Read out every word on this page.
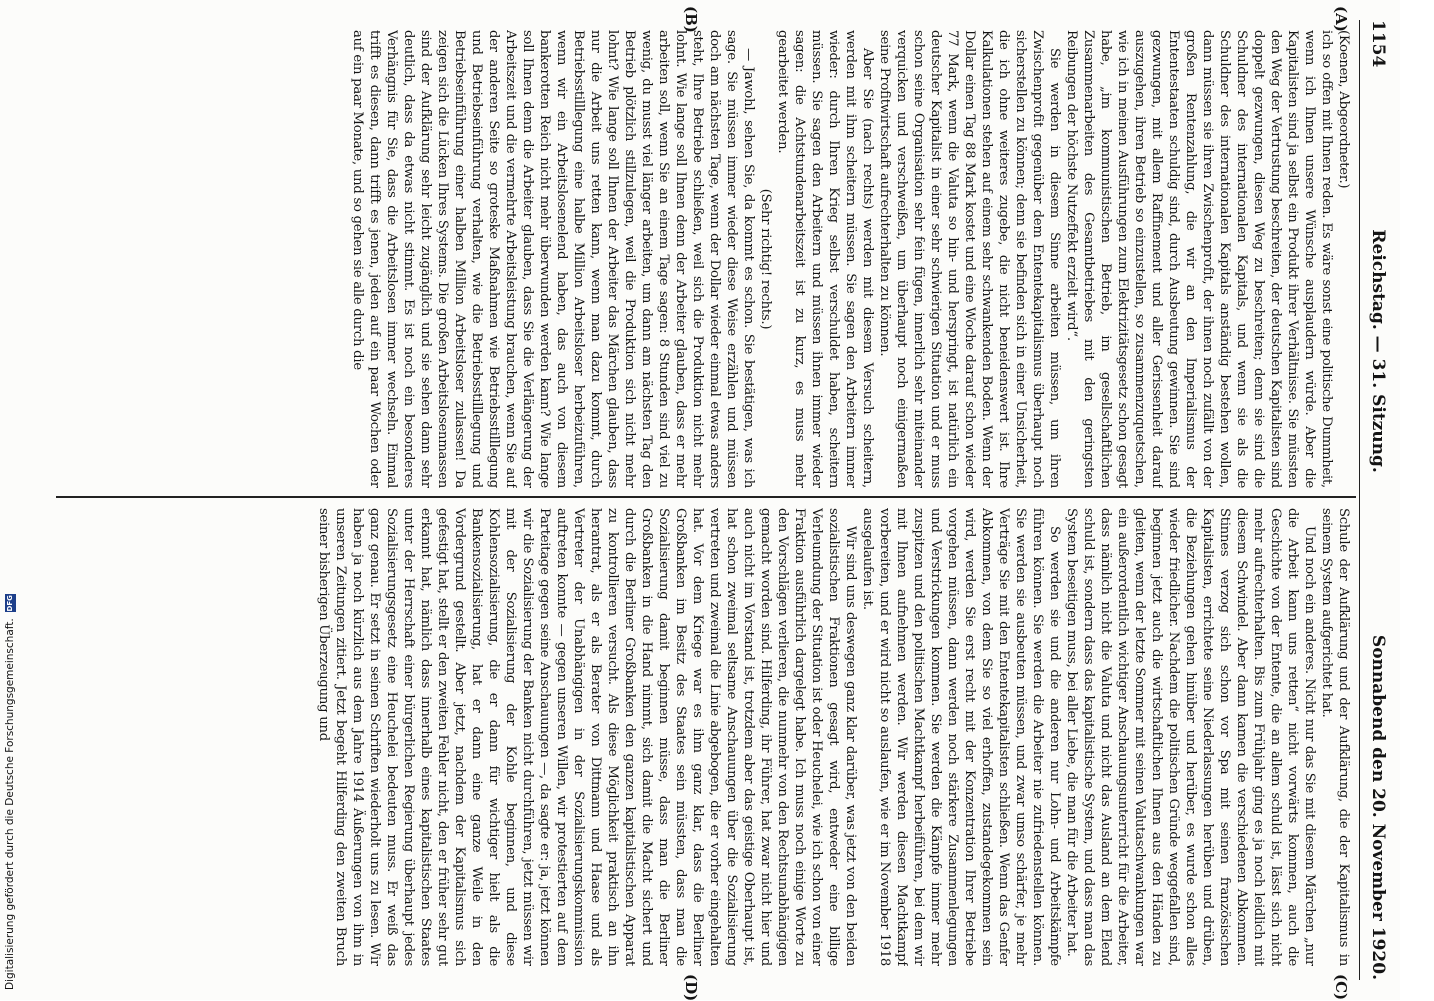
1154
Reichstag. — 31. Sitzung.
Sonnabend den 20. November 1920.
(A)
(B)
(C)
(D)

(Koenen, Abgeordneter.)

ich so offen mit Ihnen reden. Es wäre sonst eine politische Dummheit, wenn ich Ihnen unsere Wünsche ausplaudern würde. Aber die Kapitalisten sind ja selbst ein Produkt ihrer Verhältnisse. Sie müssten den Weg der Vertrustung beschreiten, der deutschen Kapitalisten sind doppelt gezwungen, diesen Weg zu beschreiten; denn sie sind die Schuldner des internationalen Kapitals, und wenn sie als die Schuldner des internationalen Kapitals anständig bestehen wollen, dann müssen sie ihren Zwischenprofit, der ihnen noch zufällt von der großen Rentenzahlung, die wir an den Imperialismus der Ententestaaten schuldig sind, durch Ausbeutung gewinnen. Sie sind gezwungen, mit allem Raffinement und aller Gerissenheit darauf auszugehen, ihren Betrieb so einzustellen, so zusammenzuquetschen, wie ich in meinen Ausführungen zum Elektrizitätsgesetz schon gesagt habe, „im kommunistischen Betrieb, im gesellschaftlichen Zusammenarbeiten des Gesamtbetriebes mit den geringsten Reibungen der höchste Nutzeffekt erzielt wird“.

Sie werden in diesem Sinne arbeiten müssen, um ihren Zwischenprofit gegenüber dem Ententekapitalismus überhaupt noch sicherstellen zu können; denn sie befinden sich in einer Unsicherheit, die ich ohne weiteres zugebe, die nicht beneidenswert ist. Ihre Kalkulationen stehen auf einem sehr schwankenden Boden. Wenn der Dollar einen Tag 88 Mark kostet und eine Woche darauf schon wieder 77 Mark, wenn die Valuta so hin- und herspringt, ist natürlich ein deutscher Kapitalist in einer sehr schwierigen Situation und er muss schon seine Organisation sehr fein fügen, innerlich sehr miteinander verquicken und verschweißen, um überhaupt noch einigermaßen seine Profitwirtschaft aufrechterhalten zu können.

Aber Sie (nach rechts) werden mit diesem Versuch scheitern, werden mit ihm scheitern müssen. Sie sagen den Arbeitern immer wieder: durch Ihren Krieg selbst verschuldet haben, scheitern müssen. Sie sagen den Arbeitern und müssen ihnen immer wieder sagen: die Achtstundenarbeitszeit ist zu kurz, es muss mehr gearbeitet werden.

(Sehr richtig! rechts.)

— Jawohl, sehen Sie, da kommt es schon. Sie bestätigen, was ich sage. Sie müssen immer wieder diese Weise erzählen und müssen doch am nächsten Tage, wenn der Dollar wieder einmal etwas anders steht, Ihre Betriebe schließen, weil sich die Produktion nicht mehr lohnt. Wie lange soll Ihnen denn der Arbeiter glauben, dass er mehr arbeiten soll, wenn Sie an einem Tage sagen: 8 Stunden sind viel zu wenig, du musst viel länger arbeiten, um dann am nächsten Tag den Betrieb plötzlich stillzulegen, weil die Produktion sich nicht mehr lohnt? Wie lange soll Ihnen der Arbeiter das Märchen glauben, dass nur die Arbeit uns retten kann, wenn man dazu kommt, durch Betriebsstilllegung eine halbe Million Arbeitsloser herbeizuführen, wenn wir ein Arbeitslosenelend haben, das auch von diesem bankerotten Reich nicht mehr überwunden werden kann? Wie lange soll Ihnen denn die Arbeiter glauben, dass Sie die Verlängerung der Arbeitszeit und die vermehrte Arbeitsleistung brauchen, wenn Sie auf der anderen Seite so groteske Maßnahmen wie Betriebsstilllegung und Betriebseinführung verhalten, wie die Betriebsstilllegung und Betriebseinführung einer halben Million Arbeitsloser zulassen! Da zeigen sich die Lücken Ihres Systems. Die großen Arbeitslosenmassen sind der Aufklärung sehr leicht zugänglich und sie sehen dann sehr deutlich, dass da etwas nicht stimmt. Es ist noch ein besonderes Verhängnis für Sie, dass die Arbeitslosen immer wechseln. Einmal trifft es diesen, dann trifft es jenen, jeden auf ein paar Wochen oder auf ein paar Monate, und so gehen sie alle durch die

Schule der Aufklärung und der Aufklärung, die der Kapitalismus in seinem System aufgerichtet hat.

Und noch ein anderes. Nicht nur das Sie mit diesem Märchen „nur die Arbeit kann uns retten“ nicht vorwärts kommen, auch die Geschichte von der Entente, die an allem schuld ist, lässt sich nicht mehr aufrechterhalten. Bis zum Frühjahr ging es ja noch leidlich mit diesem Schwindel. Aber dann kamen die verschiedenen Abkommen. Stinnes verzog sich schon vor Spa mit seinen französischen Kapitalisten, errichtete seine Niederlassungen herüben und drüben, die Beziehungen gehen hinüber und herüber, es wurde schon alles wieder friedlicher. Nachdem die politischen Gründe weggefallen sind, beginnen jetzt auch die wirtschaftlichen Ihnen aus den Händen zu gleiten, wenn der letzte Sommer mit seinen Valutaschwankungen war ein außerordentlich wichtiger Anschauungsunterricht für die Arbeiter, dass nämlich nicht die Valuta und nicht das Ausland an dem Elend schuld ist, sondern dass das kapitalistische System, und dass man das System beseitigen muss, bei aller Liebe, die man für die Arbeiter hat.

So werden sie und die anderen nur Lohn- und Arbeitskämpfe führen können. Sie werden die Arbeiter nie zufriedenstellen können. Sie werden sie ausbeuten müssen, und zwar umso schärfer, je mehr Verträge Sie mit den Ententekapitalisten schließen. Wenn das Genfer Abkommen, von dem Sie so viel erhoffen, zustandegekommen sein wird, werden Sie erst recht mit der Konzentration Ihrer Betriebe vorgehen müssen, dann werden noch stärkere Zusammenlegungen und Verstrickungen kommen. Sie werden die Kämpfe immer mehr zuspitzen und den politischen Machtkampf herbeiführen, bei dem wir mit Ihnen aufnehmen werden. Wir werden diesen Machtkampf vorbereiten, und er wird nicht so auslaufen, wie er im November 1918 ausgelaufen ist.

Wir sind uns deswegen ganz klar darüber, was jetzt von den beiden sozialistischen Fraktionen gesagt wird, entweder eine billige Verleumdung der Situation ist oder Heuchelei, wie ich schon von einer Fraktion ausführlich dargelegt habe. Ich muss noch einige Worte zu den Vorschlägen verlieren, die nunmehr von den Rechtsunabhängigen gemacht worden sind. Hilferding, ihr Führer, hat zwar nicht hier und auch nicht im Vorstand ist, trotzdem aber das geistige Oberhaupt ist, hat schon zweimal seltsame Anschauungen über die Sozialisierung vertreten und zweimal die Linie abgebogen, die er vorher eingehalten hat. Vor dem Kriege war es ihm ganz klar, dass die Berliner Großbanken im Besitz des Staates sein müssten, dass man die Sozialisierung damit beginnen müsse, dass man die Berliner Großbanken in die Hand nimmt, sich damit die Macht sichert und durch die Berliner Großbanken den ganzen kapitalistischen Apparat zu kontrollieren versucht. Als diese Möglichkeit praktisch an ihn herantrat, als er als Berater von Dittmann und Haase und als Vertreter der Unabhängigen in der Sozialisierungskommission auftreten konnte — gegen unseren Willen, wir protestierten auf dem Parteitage gegen seine Anschauungen —, da sagte er: ja, jetzt können wir die Sozialisierung der Banken nicht durchführen, jetzt müssen wir mit der Sozialisierung der Kohle beginnen, und diese Kohlensozialisierung, die er dann für wichtiger hielt als die Bankensozialisierung, hat er dann eine ganze Weile in den Vordergrund gestellt. Aber jetzt, nachdem der Kapitalismus sich gefestigt hat, stellt er den zweiten Fehler nicht, den er früher sehr gut erkannt hat, nämlich dass innerhalb eines kapitalistischen Staates unter der Herrschaft einer bürgerlichen Regierung überhaupt jedes Sozialisierungsgesetz eine Heuchelei bedeuten muss. Er weiß das ganz genau. Er setzt in seinen Schriften wiederholt uns zu lesen. Wir haben ja noch kürzlich aus dem Jahre 1914 Äußerungen von ihm in unseren Zeitungen zitiert. Jetzt begeht Hilferding den zweiten Bruch seiner bisherigen Überzeugung und

Digitalisierung gefördert durch die Deutsche Forschungsgemeinschaft.
DFG
